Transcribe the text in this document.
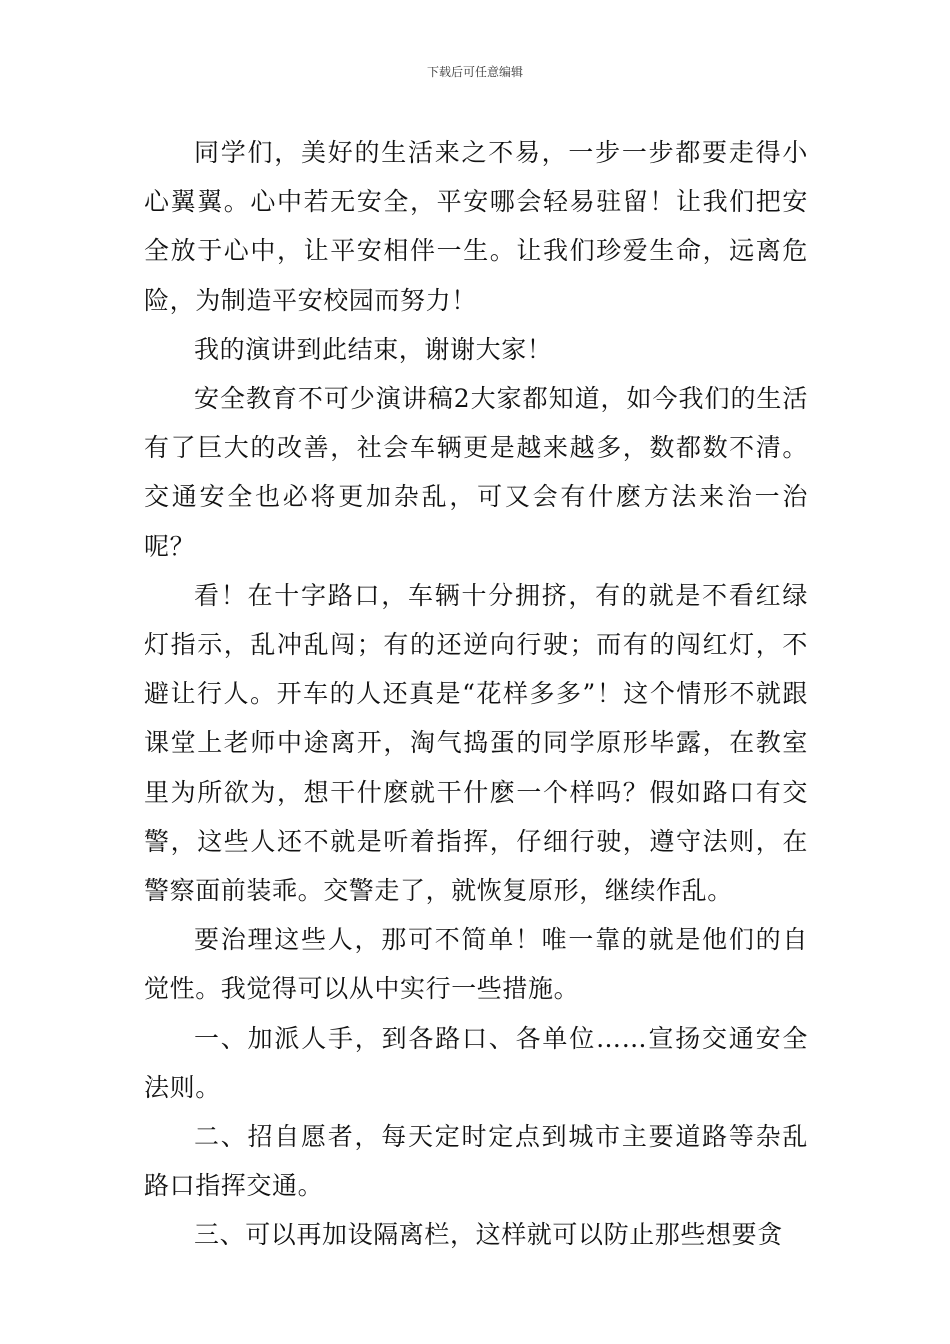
下载后可任意编辑

同学们，美好的生活来之不易，一步一步都要走得小心翼翼。心中若无安全，平安哪会轻易驻留！让我们把安全放于心中，让平安相伴一生。让我们珍爱生命，远离危险，为制造平安校园而努力！

我的演讲到此结束，谢谢大家！

安全教育不可少演讲稿2大家都知道，如今我们的生活有了巨大的改善，社会车辆更是越来越多，数都数不清。交通安全也必将更加杂乱，可又会有什麽方法来治一治呢？

看！在十字路口，车辆十分拥挤，有的就是不看红绿灯指示，乱冲乱闯；有的还逆向行驶；而有的闯红灯，不避让行人。开车的人还真是“花样多多”！这个情形不就跟课堂上老师中途离开，淘气捣蛋的同学原形毕露，在教室里为所欲为，想干什麽就干什麽一个样吗？假如路口有交警，这些人还不就是听着指挥，仔细行驶，遵守法则，在警察面前装乖。交警走了，就恢复原形，继续作乱。

要治理这些人，那可不简单！唯一靠的就是他们的自觉性。我觉得可以从中实行一些措施。

一、加派人手，到各路口、各单位……宣扬交通安全法则。

二、招自愿者，每天定时定点到城市主要道路等杂乱路口指挥交通。

三、可以再加设隔离栏，这样就可以防止那些想要贪
